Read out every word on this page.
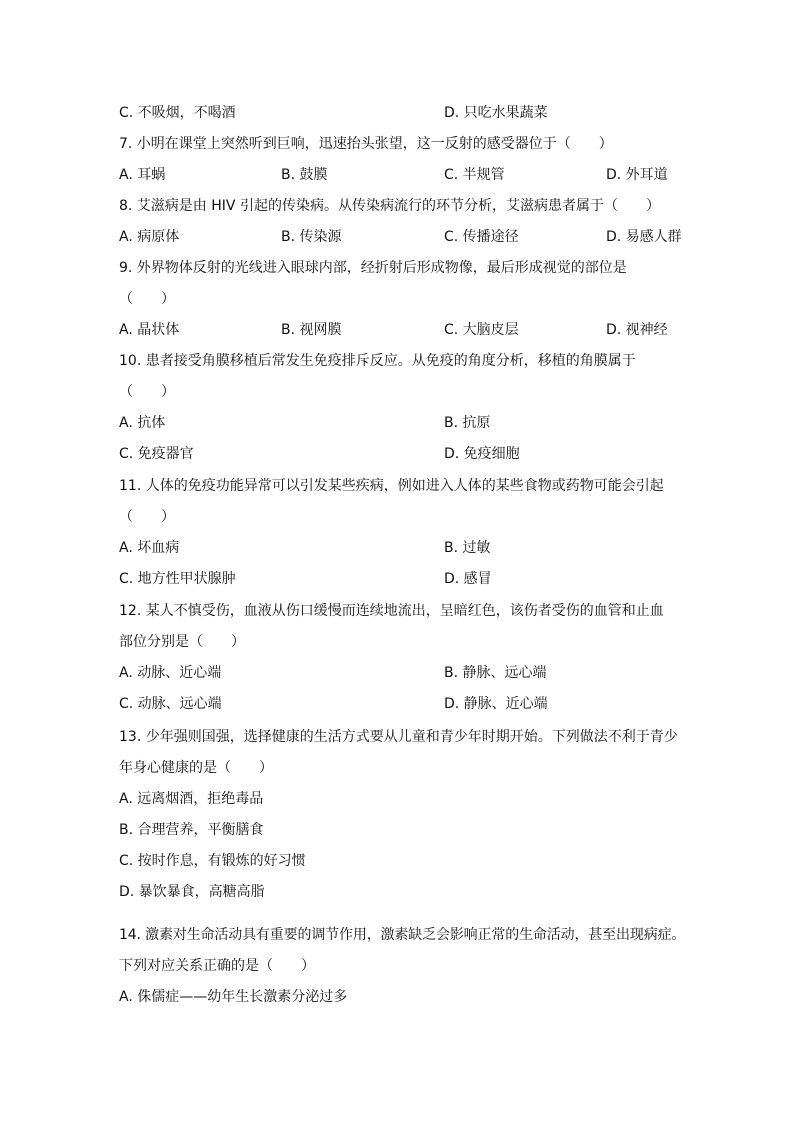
C. 不吸烟，不喝酒	D. 只吃水果蔬菜
7. 小明在课堂上突然听到巨响，迅速抬头张望，这一反射的感受器位于（　　）
A. 耳蜗	B. 鼓膜	C. 半规管	D. 外耳道
8. 艾滋病是由 HIV 引起的传染病。从传染病流行的环节分析，艾滋病患者属于（　　）
A. 病原体	B. 传染源	C. 传播途径	D. 易感人群
9. 外界物体反射的光线进入眼球内部，经折射后形成物像，最后形成视觉的部位是
（　　）
A. 晶状体	B. 视网膜	C. 大脑皮层	D. 视神经
10. 患者接受角膜移植后常发生免疫排斥反应。从免疫的角度分析，移植的角膜属于
（　　）
A. 抗体	B. 抗原
C. 免疫器官	D. 免疫细胞
11. 人体的免疫功能异常可以引发某些疾病，例如进入人体的某些食物或药物可能会引起
（　　）
A. 坏血病	B. 过敏
C. 地方性甲状腺肿	D. 感冒
12. 某人不慎受伤，血液从伤口缓慢而连续地流出，呈暗红色，该伤者受伤的血管和止血
部位分别是（　　）
A. 动脉、近心端	B. 静脉、远心端
C. 动脉、远心端	D. 静脉、近心端
13. 少年强则国强，选择健康的生活方式要从儿童和青少年时期开始。下列做法不利于青少
年身心健康的是（　　）
A. 远离烟酒，拒绝毒品
B. 合理营养，平衡膳食
C. 按时作息，有锻炼的好习惯
D. 暴饮暴食，高糖高脂
14. 激素对生命活动具有重要的调节作用，激素缺乏会影响正常的生命活动，甚至出现病症。
下列对应关系正确的是（　　）
A. 侏儒症——幼年生长激素分泌过多
